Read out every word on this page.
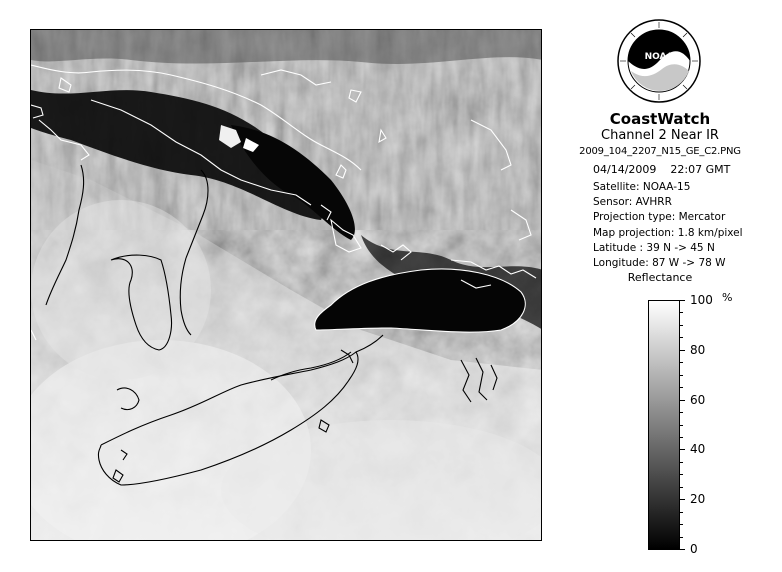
NOAA
CoastWatch
Channel 2 Near IR
2009_104_2207_N15_GE_C2.PNG
04/14/2009 22:07 GMT
Satellite: NOAA-15
Sensor: AVHRR
Projection type: Mercator
Map projection: 1.8 km/pixel
Latitude : 39 N -> 45 N
Longitude: 87 W -> 78 W
Reflectance
%
100
80
60
40
20
0
